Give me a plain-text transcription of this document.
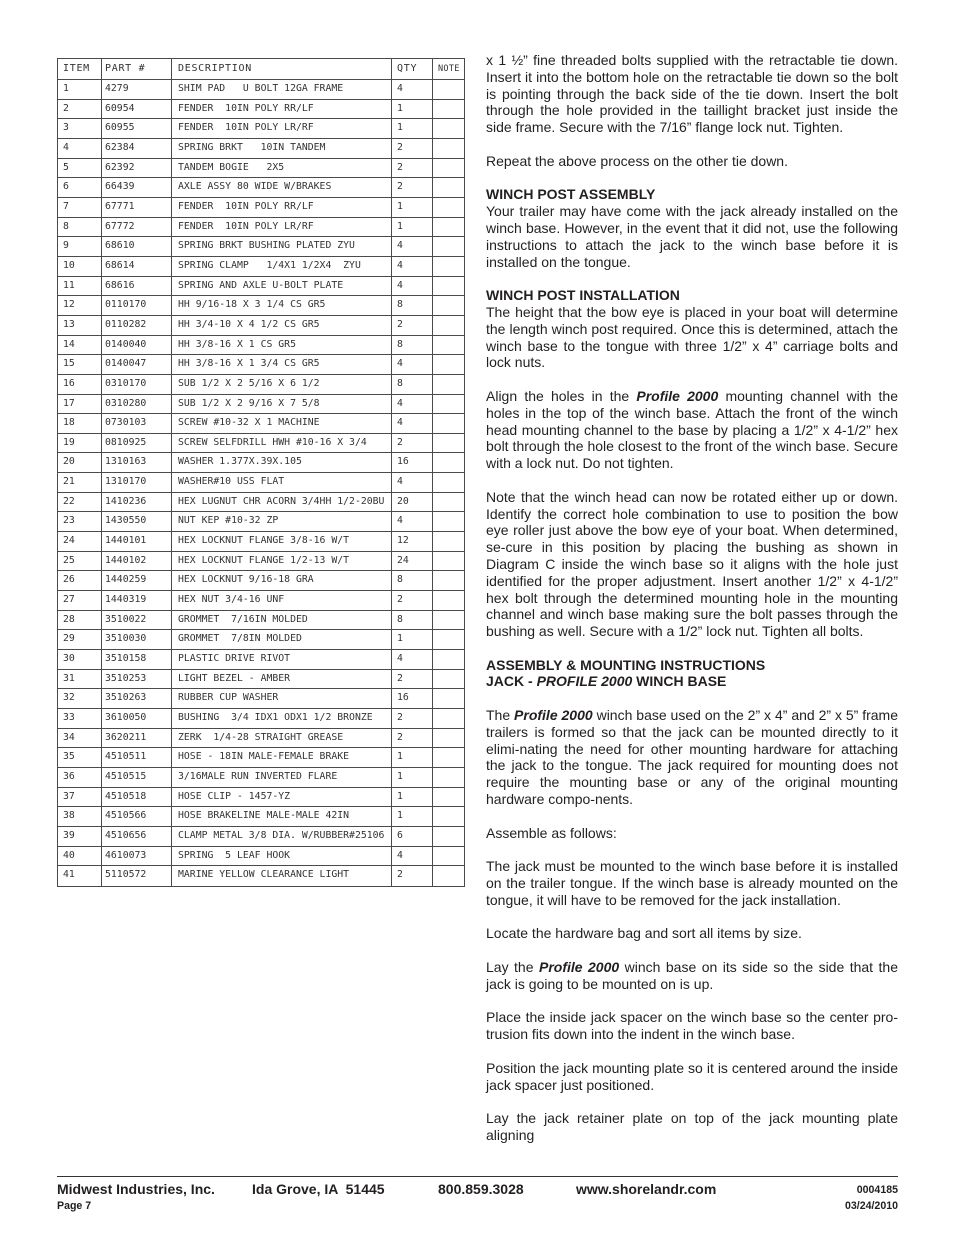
ITEM	PART #	DESCRIPTION	QTY	NOTE
1	4279	SHIM PAD   U BOLT 12GA FRAME	4
2	60954	FENDER  10IN POLY RR/LF	1
3	60955	FENDER  10IN POLY LR/RF	1
4	62384	SPRING BRKT   10IN TANDEM	2
5	62392	TANDEM BOGIE   2X5	2
6	66439	AXLE ASSY 80 WIDE W/BRAKES	2
7	67771	FENDER  10IN POLY RR/LF	1
8	67772	FENDER  10IN POLY LR/RF	1
9	68610	SPRING BRKT BUSHING PLATED ZYU	4
10	68614	SPRING CLAMP   1/4X1 1/2X4  ZYU	4
11	68616	SPRING AND AXLE U-BOLT PLATE	4
12	0110170	HH 9/16-18 X 3 1/4 CS GR5	8
13	0110282	HH 3/4-10 X 4 1/2 CS GR5	2
14	0140040	HH 3/8-16 X 1 CS GR5	8
15	0140047	HH 3/8-16 X 1 3/4 CS GR5	4
16	0310170	SUB 1/2 X 2 5/16 X 6 1/2	8
17	0310280	SUB 1/2 X 2 9/16 X 7 5/8	4
18	0730103	SCREW #10-32 X 1 MACHINE	4
19	0810925	SCREW SELFDRILL HWH #10-16 X 3/4	2
20	1310163	WASHER 1.377X.39X.105	16
21	1310170	WASHER#10 USS FLAT	4
22	1410236	HEX LUGNUT CHR ACORN 3/4HH 1/2-20BU	20
23	1430550	NUT KEP #10-32 ZP	4
24	1440101	HEX LOCKNUT FLANGE 3/8-16 W/T	12
25	1440102	HEX LOCKNUT FLANGE 1/2-13 W/T	24
26	1440259	HEX LOCKNUT 9/16-18 GRA	8
27	1440319	HEX NUT 3/4-16 UNF	2
28	3510022	GROMMET  7/16IN MOLDED	8
29	3510030	GROMMET  7/8IN MOLDED	1
30	3510158	PLASTIC DRIVE RIVOT	4
31	3510253	LIGHT BEZEL - AMBER	2
32	3510263	RUBBER CUP WASHER	16
33	3610050	BUSHING  3/4 IDX1 ODX1 1/2 BRONZE	2
34	3620211	ZERK  1/4-28 STRAIGHT GREASE	2
35	4510511	HOSE - 18IN MALE-FEMALE BRAKE	1
36	4510515	3/16MALE RUN INVERTED FLARE	1
37	4510518	HOSE CLIP - 1457-YZ	1
38	4510566	HOSE BRAKELINE MALE-MALE 42IN	1
39	4510656	CLAMP METAL 3/8 DIA. W/RUBBER#25106	6
40	4610073	SPRING  5 LEAF HOOK	4
41	5110572	MARINE YELLOW CLEARANCE LIGHT	2
x 1 ½” fine threaded bolts supplied with the retractable tie down. Insert it into the bottom hole on the retractable tie down so the bolt is pointing through the back side of the tie down. Insert the bolt through the hole provided in the taillight bracket just inside the side frame. Secure with the 7/16” flange lock nut. Tighten.
Repeat the above process on the other tie down.
WINCH POST ASSEMBLY
Your trailer may have come with the jack already installed on the winch base. However, in the event that it did not, use the following instructions to attach the jack to the winch base before it is installed on the tongue.
WINCH POST INSTALLATION
The height that the bow eye is placed in your boat will determine the length winch post required. Once this is determined, attach the winch base to the tongue with three 1/2” x 4” carriage bolts and lock nuts.
Align the holes in the Profile 2000 mounting channel with the holes in the top of the winch base. Attach the front of the winch head mounting channel to the base by placing a 1/2” x 4-1/2” hex bolt through the hole closest to the front of the winch base. Secure with a lock nut. Do not tighten.
Note that the winch head can now be rotated either up or down. Identify the correct hole combination to use to position the bow eye roller just above the bow eye of your boat. When determined, se-cure in this position by placing the bushing as shown in Diagram C inside the winch base so it aligns with the hole just identified for the proper adjustment. Insert another 1/2” x 4-1/2” hex bolt through the determined mounting hole in the mounting channel and winch base making sure the bolt passes through the bushing as well. Secure with a 1/2” lock nut. Tighten all bolts.
ASSEMBLY & MOUNTING INSTRUCTIONS
JACK - PROFILE 2000 WINCH BASE
The Profile 2000 winch base used on the 2” x 4” and 2” x 5” frame trailers is formed so that the jack can be mounted directly to it elimi-nating the need for other mounting hardware for attaching the jack to the tongue. The jack required for mounting does not require the mounting base or any of the original mounting hardware compo-nents.
Assemble as follows:
The jack must be mounted to the winch base before it is installed on the trailer tongue. If the winch base is already mounted on the tongue, it will have to be removed for the jack installation.
Locate the hardware bag and sort all items by size.
Lay the Profile 2000 winch base on its side so the side that the jack is going to be mounted on is up.
Place the inside jack spacer on the winch base so the center pro-trusion fits down into the indent in the winch base.
Position the jack mounting plate so it is centered around the inside jack spacer just positioned.
Lay the jack retainer plate on top of the jack mounting plate aligning
Midwest Industries, Inc.	Ida Grove, IA  51445	800.859.3028	www.shorelandr.com	0004185
Page 7	03/24/2010
